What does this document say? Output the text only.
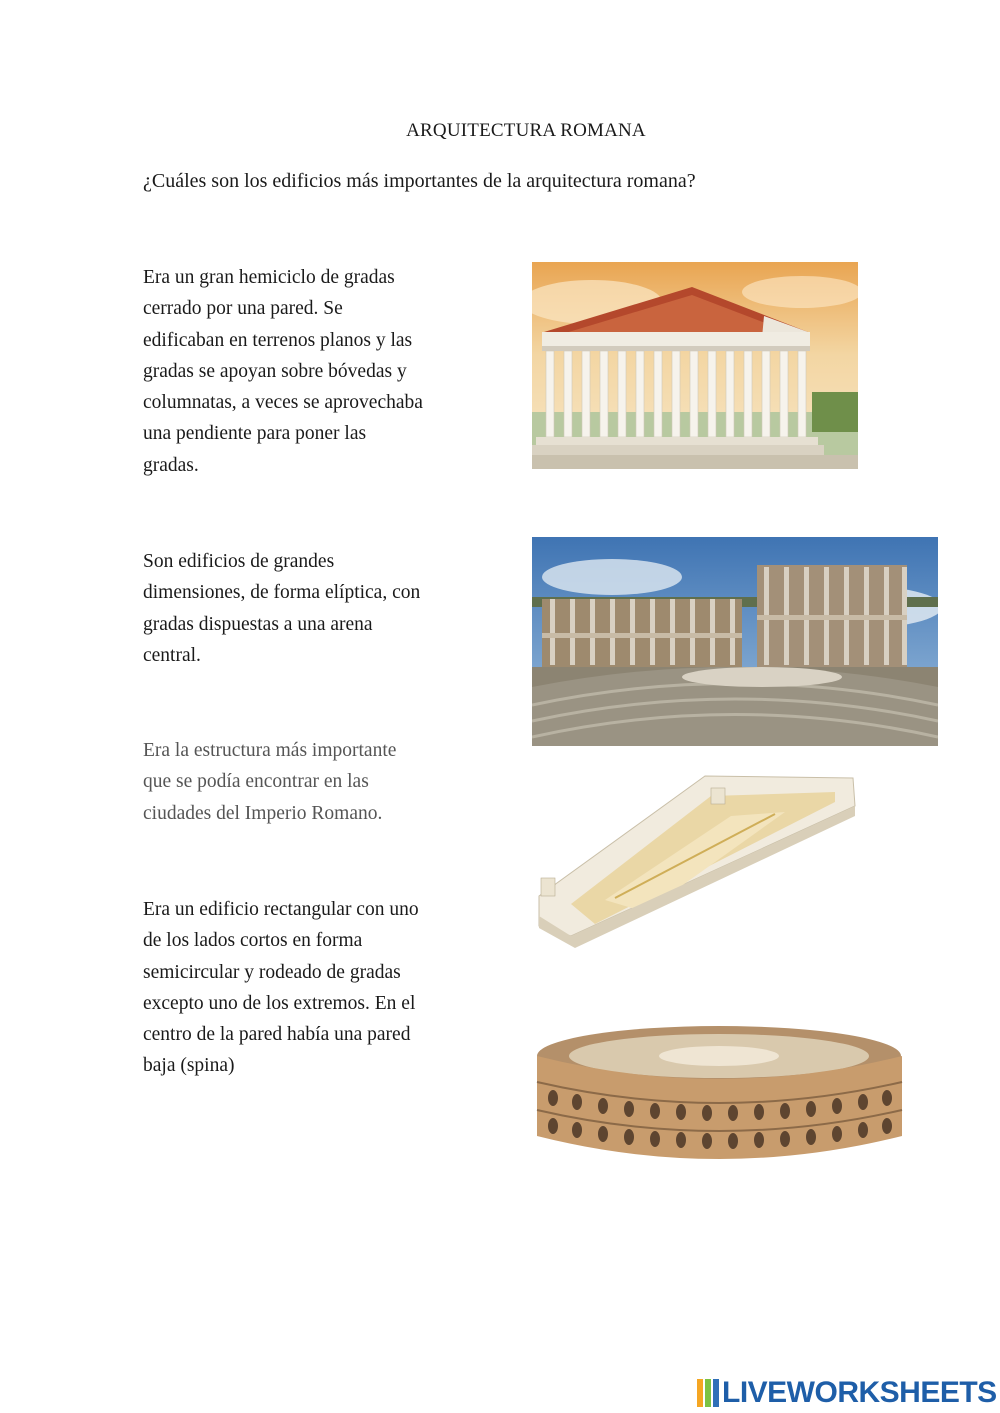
ARQUITECTURA ROMANA
¿Cuáles son los edificios más importantes de la arquitectura romana?
Era un gran hemiciclo de gradas
cerrado por una pared. Se
edificaban en terrenos planos y las
gradas se apoyan sobre bóvedas y
columnatas, a veces se aprovechaba
una pendiente para poner las
gradas.
Son edificios de grandes
dimensiones, de forma elíptica, con
gradas dispuestas a una arena
central.
Era la estructura más importante
que se podía encontrar en las
ciudades del Imperio Romano.
Era un edificio rectangular con uno
de los lados cortos en forma
semicircular y rodeado de gradas
excepto uno de los extremos. En el
centro de la pared había una pared
baja (spina)
LIVEWORKSHEETS
